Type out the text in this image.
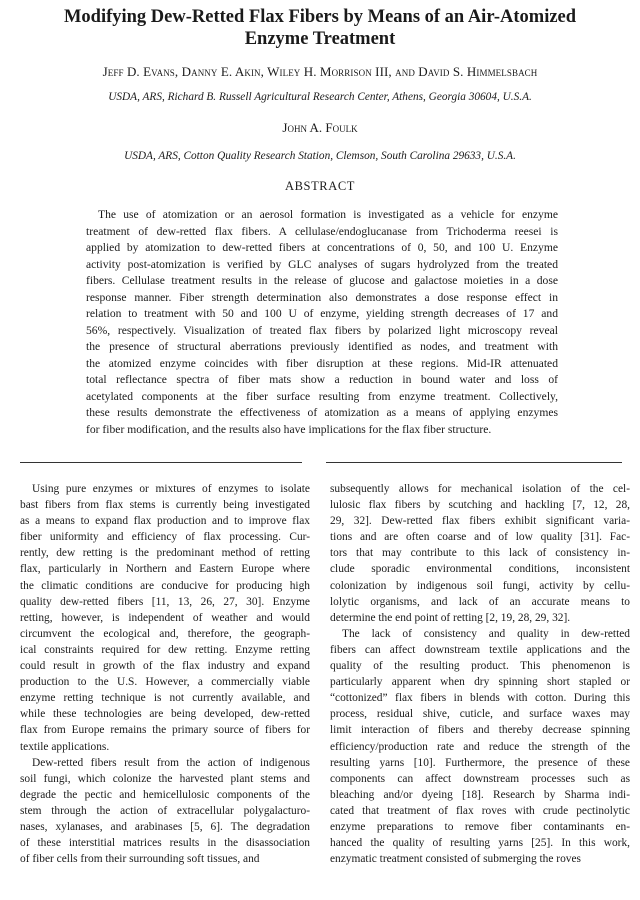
Modifying Dew-Retted Flax Fibers by Means of an Air-Atomized
Enzyme Treatment
Jeff D. Evans, Danny E. Akin, Wiley H. Morrison III, and David S. Himmelsbach
USDA, ARS, Richard B. Russell Agricultural Research Center, Athens, Georgia 30604, U.S.A.
John A. Foulk
USDA, ARS, Cotton Quality Research Station, Clemson, South Carolina 29633, U.S.A.
ABSTRACT
The use of atomization or an aerosol formation is investigated as a vehicle for enzyme
treatment of dew-retted flax fibers. A cellulase/endoglucanase from Trichoderma reesei is
applied by atomization to dew-retted fibers at concentrations of 0, 50, and 100 U. Enzyme
activity post-atomization is verified by GLC analyses of sugars hydrolyzed from the treated
fibers. Cellulase treatment results in the release of glucose and galactose moieties in a dose
response manner. Fiber strength determination also demonstrates a dose response effect in
relation to treatment with 50 and 100 U of enzyme, yielding strength decreases of 17 and
56%, respectively. Visualization of treated flax fibers by polarized light microscopy reveal
the presence of structural aberrations previously identified as nodes, and treatment with
the atomized enzyme coincides with fiber disruption at these regions. Mid-IR attenuated
total reflectance spectra of fiber mats show a reduction in bound water and loss of
acetylated components at the fiber surface resulting from enzyme treatment. Collectively,
these results demonstrate the effectiveness of atomization as a means of applying enzymes
for fiber modification, and the results also have implications for the flax fiber structure.
Using pure enzymes or mixtures of enzymes to isolate
bast fibers from flax stems is currently being investigated
as a means to expand flax production and to improve flax
fiber uniformity and efficiency of flax processing. Cur-
rently, dew retting is the predominant method of retting
flax, particularly in Northern and Eastern Europe where
the climatic conditions are conducive for producing high
quality dew-retted fibers [11, 13, 26, 27, 30]. Enzyme
retting, however, is independent of weather and would
circumvent the ecological and, therefore, the geograph-
ical constraints required for dew retting. Enzyme retting
could result in growth of the flax industry and expand
production to the U.S. However, a commercially viable
enzyme retting technique is not currently available, and
while these technologies are being developed, dew-retted
flax from Europe remains the primary source of fibers for
textile applications.
Dew-retted fibers result from the action of indigenous
soil fungi, which colonize the harvested plant stems and
degrade the pectic and hemicellulosic components of the
stem through the action of extracellular polygalacturo-
nases, xylanases, and arabinases [5, 6]. The degradation
of these interstitial matrices results in the disassociation
of fiber cells from their surrounding soft tissues, and
subsequently allows for mechanical isolation of the cel-
lulosic flax fibers by scutching and hackling [7, 12, 28,
29, 32]. Dew-retted flax fibers exhibit significant varia-
tions and are often coarse and of low quality [31]. Fac-
tors that may contribute to this lack of consistency in-
clude sporadic environmental conditions, inconsistent
colonization by indigenous soil fungi, activity by cellu-
lolytic organisms, and lack of an accurate means to
determine the end point of retting [2, 19, 28, 29, 32].
The lack of consistency and quality in dew-retted
fibers can affect downstream textile applications and the
quality of the resulting product. This phenomenon is
particularly apparent when dry spinning short stapled or
“cottonized” flax fibers in blends with cotton. During this
process, residual shive, cuticle, and surface waxes may
limit interaction of fibers and thereby decrease spinning
efficiency/production rate and reduce the strength of the
resulting yarns [10]. Furthermore, the presence of these
components can affect downstream processes such as
bleaching and/or dyeing [18]. Research by Sharma indi-
cated that treatment of flax roves with crude pectinolytic
enzyme preparations to remove fiber contaminants en-
hanced the quality of resulting yarns [25]. In this work,
enzymatic treatment consisted of submerging the roves
